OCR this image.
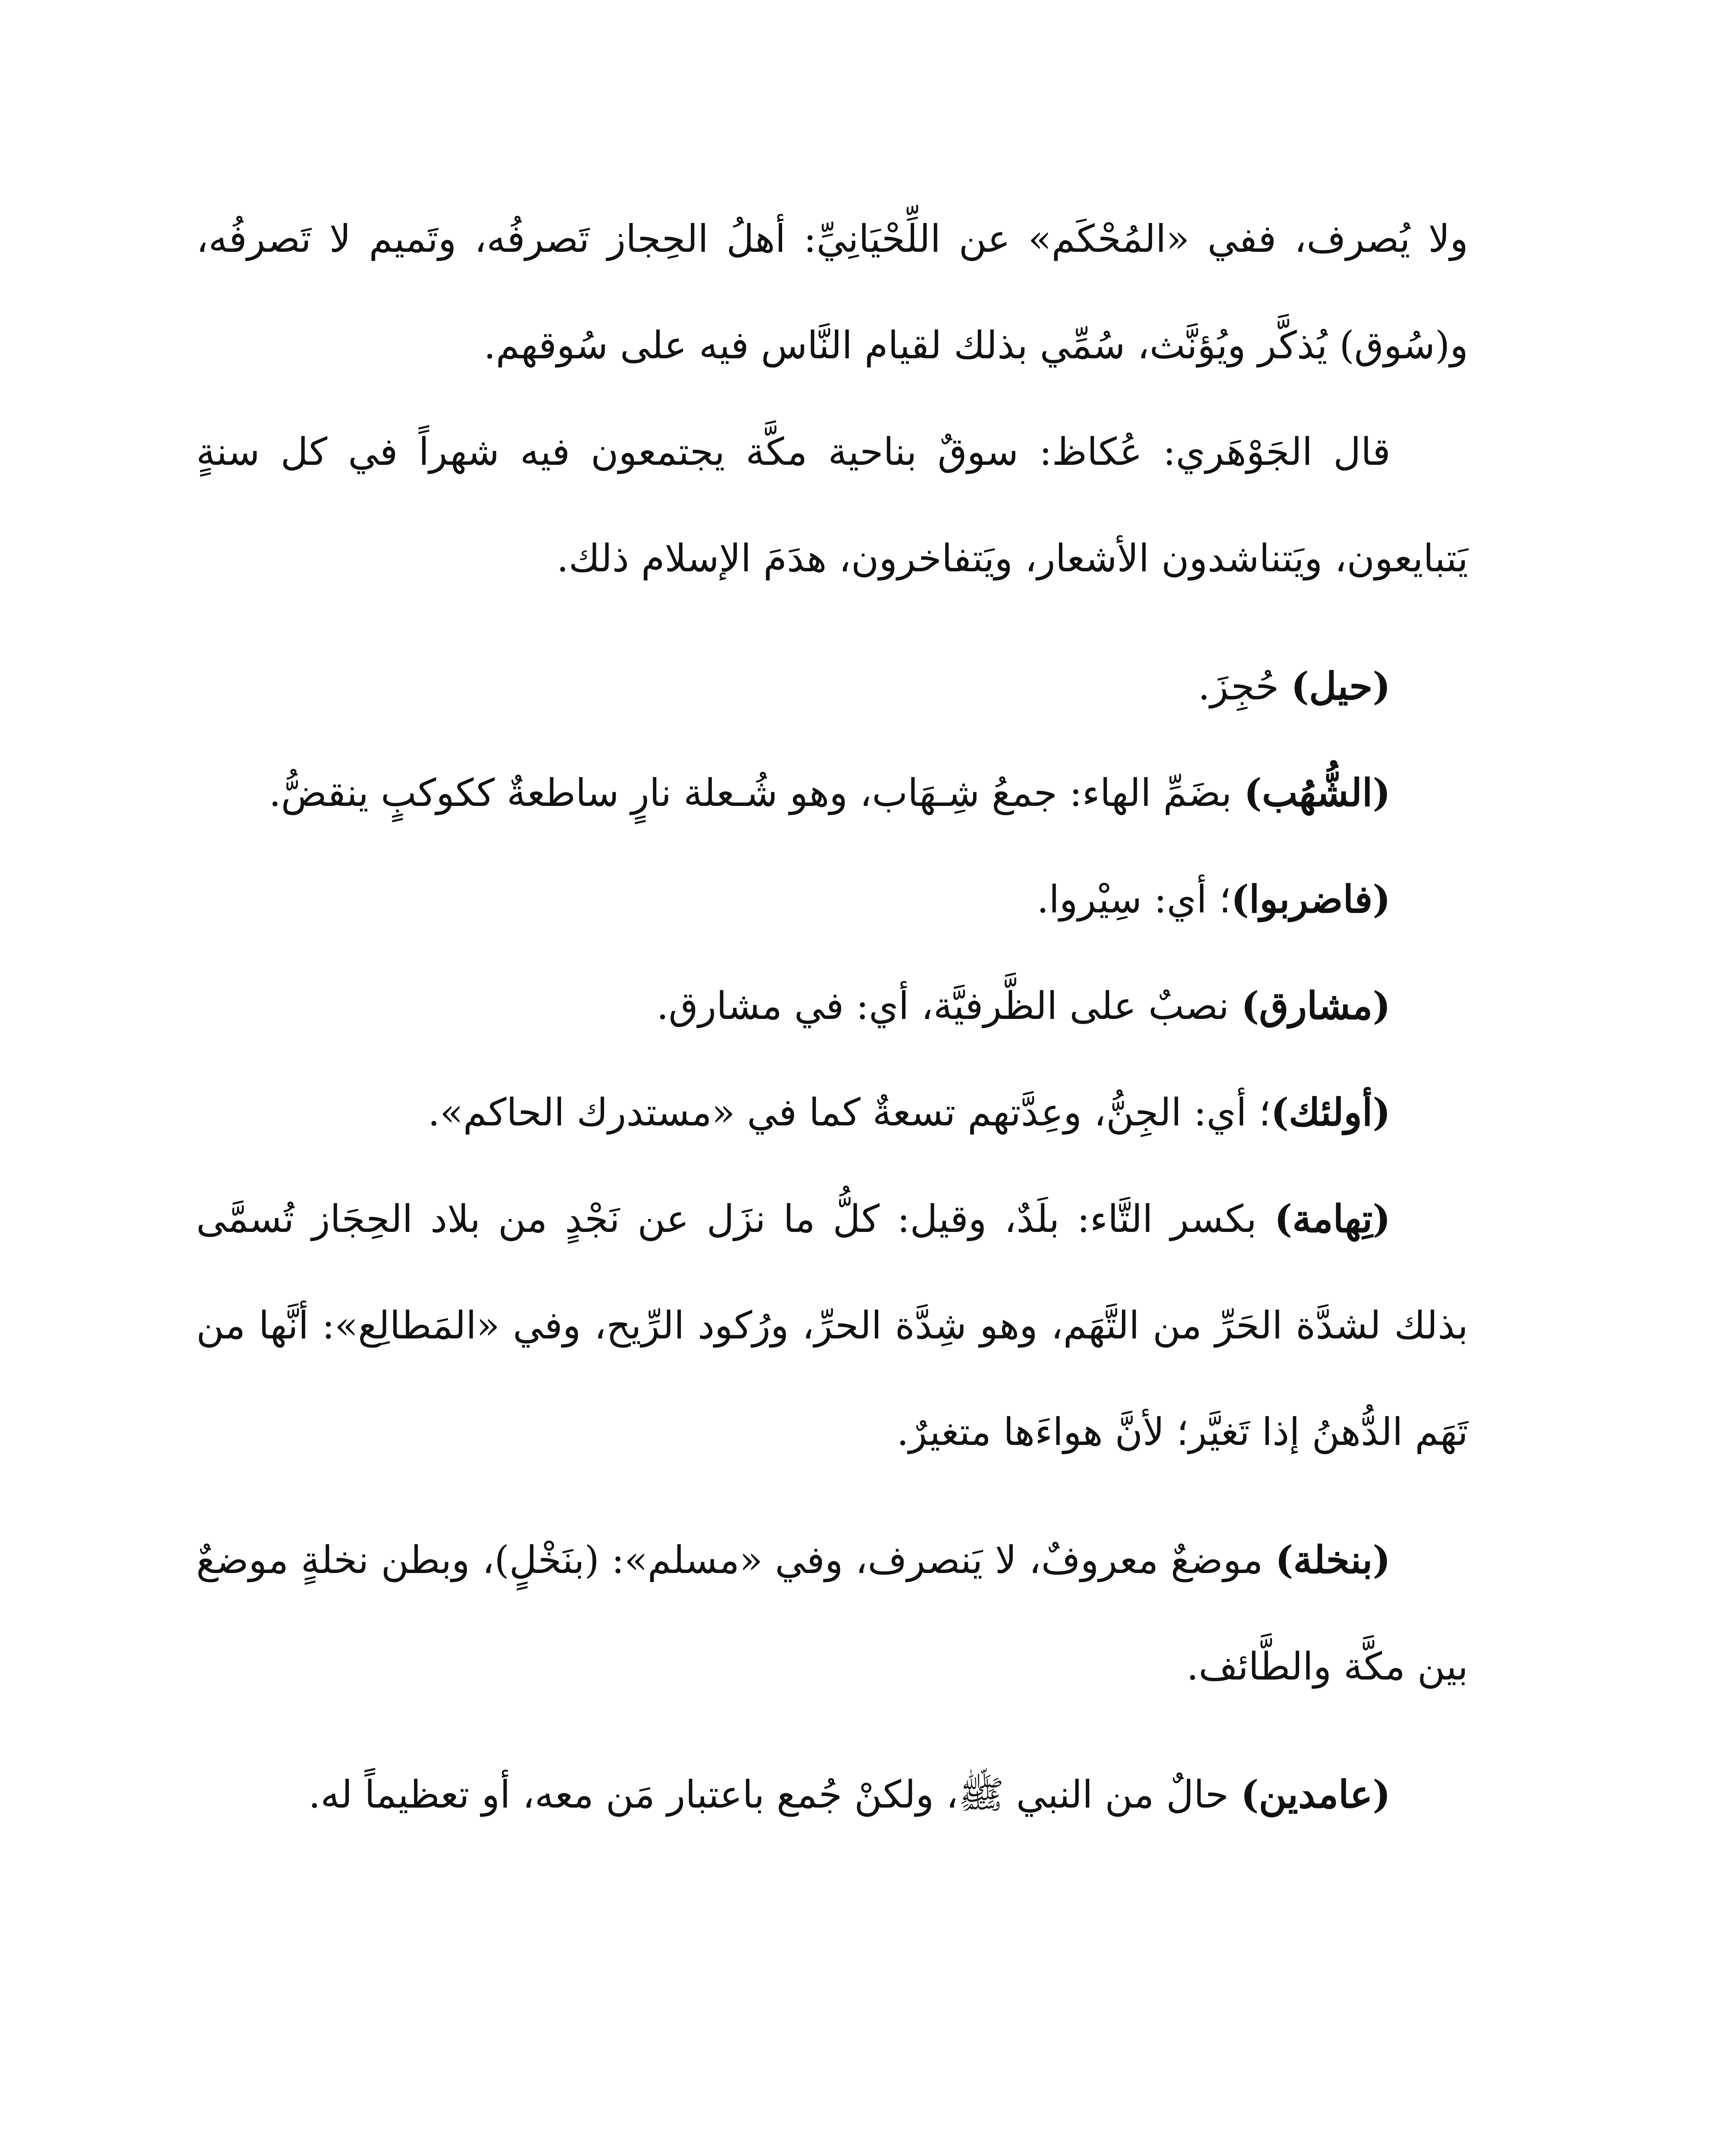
ولا يُصرف، ففي «المُحْكَم» عن اللِّحْيَانِيِّ: أهلُ الحِجاز تَصرفُه، وتَميم لا تَصرفُه، و(سُوق) يُذكَّر ويُؤنَّث، سُمِّي بذلك لقيام النَّاس فيه على سُوقهم.

قال الجَوْهَري: عُكاظ: سوقٌ بناحية مكَّة يجتمعون فيه شهراً في كل سنةٍ يَتبايعون، ويَتناشدون الأشعار، ويَتفاخرون، هدَمَ الإسلام ذلك.

(حيل) حُجِزَ.

(الشُّهُب) بضَمِّ الهاء: جمعُ شِـهَاب، وهو شُـعلة نارٍ ساطعةٌ ككوكبٍ ينقضُّ.

(فاضربوا)؛ أي: سِيْروا.

(مشارق) نصبٌ على الظَّرفيَّة، أي: في مشارق.

(أولئك)؛ أي: الجِنُّ، وعِدَّتهم تسعةٌ كما في «مستدرك الحاكم».

(تِهامة) بكسر التَّاء: بلَدٌ، وقيل: كلُّ ما نزَل عن نَجْدٍ من بلاد الحِجَاز تُسمَّى بذلك لشدَّة الحَرِّ من التَّهَم، وهو شِدَّة الحرِّ، ورُكود الرِّيح، وفي «المَطالِع»: أنَّها من تَهَم الدُّهنُ إذا تَغيَّر؛ لأنَّ هواءَها متغيرٌ.

(بنخلة) موضعٌ معروفٌ، لا يَنصرف، وفي «مسلم»: (بنَخْلٍ)، وبطن نخلةٍ موضعٌ بين مكَّة والطَّائف.

(عامدين) حالٌ من النبي ﷺ، ولكنْ جُمع باعتبار مَن معه، أو تعظيماً له.
